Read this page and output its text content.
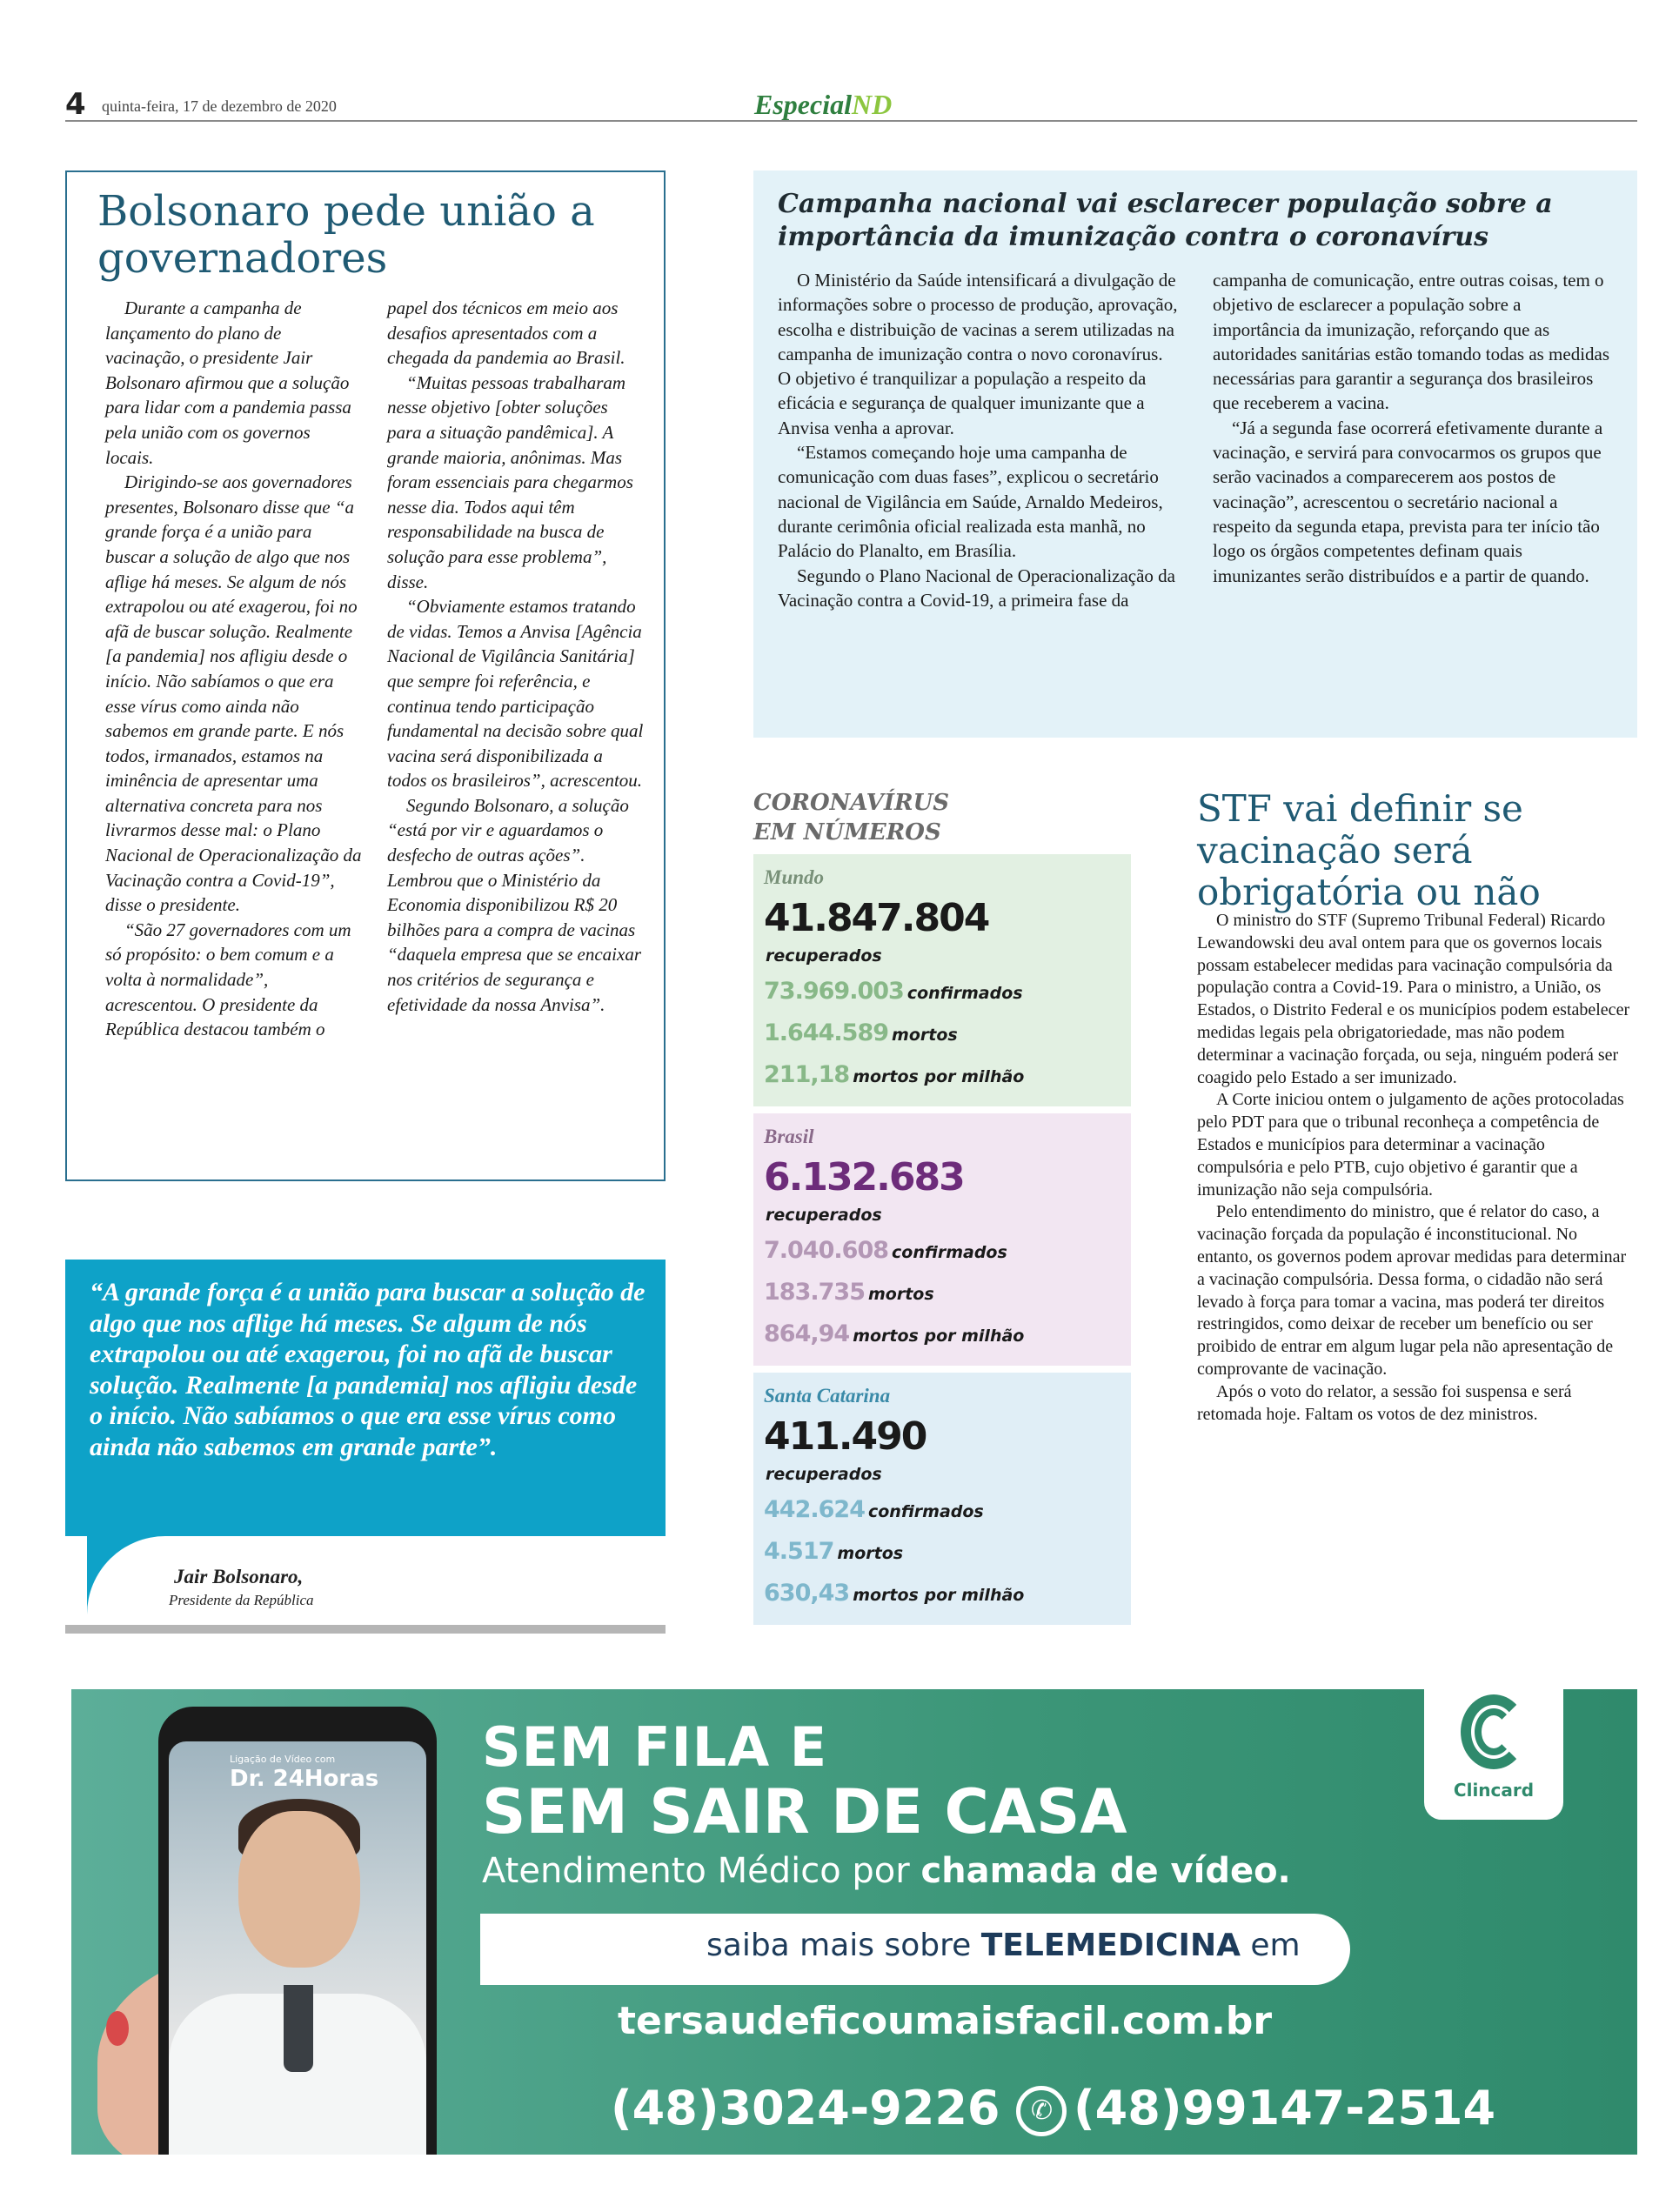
4 quinta-feira, 17 de dezembro de 2020	EspecialND
Bolsonaro pede união a governadores

Durante a campanha de lançamento do plano de vacinação, o presidente Jair Bolsonaro afirmou que a solução para lidar com a pandemia passa pela união com os governos locais.

Dirigindo-se aos governadores presentes, Bolsonaro disse que “a grande força é a união para buscar a solução de algo que nos aflige há meses. Se algum de nós extrapolou ou até exagerou, foi no afã de buscar solução. Realmente [a pandemia] nos afligiu desde o início. Não sabíamos o que era esse vírus como ainda não sabemos em grande parte. E nós todos, irmanados, estamos na iminência de apresentar uma alternativa concreta para nos livrarmos desse mal: o Plano Nacional de Operacionalização da Vacinação contra a Covid-19”, disse o presidente.

“São 27 governadores com um só propósito: o bem comum e a volta à normalidade”, acrescentou. O presidente da República destacou também o papel dos técnicos em meio aos desafios apresentados com a chegada da pandemia ao Brasil.

“Muitas pessoas trabalharam nesse objetivo [obter soluções para a situação pandêmica]. A grande maioria, anônimas. Mas foram essenciais para chegarmos nesse dia. Todos aqui têm responsabilidade na busca de solução para esse problema”, disse.

“Obviamente estamos tratando de vidas. Temos a Anvisa [Agência Nacional de Vigilância Sanitária] que sempre foi referência, e continua tendo participação fundamental na decisão sobre qual vacina será disponibilizada a todos os brasileiros”, acrescentou.

Segundo Bolsonaro, a solução “está por vir e aguardamos o desfecho de outras ações”. Lembrou que o Ministério da Economia disponibilizou R$ 20 bilhões para a compra de vacinas “daquela empresa que se encaixar nos critérios de segurança e efetividade da nossa Anvisa”.

“A grande força é a união para buscar a solução de algo que nos aflige há meses. Se algum de nós extrapolou ou até exagerou, foi no afã de buscar solução. Realmente [a pandemia] nos afligiu desde o início. Não sabíamos o que era esse vírus como ainda não sabemos em grande parte”.
Jair Bolsonaro,
Presidente da República
Campanha nacional vai esclarecer população sobre a importância da imunização contra o coronavírus

O Ministério da Saúde intensificará a divulgação de informações sobre o processo de produção, aprovação, escolha e distribuição de vacinas a serem utilizadas na campanha de imunização contra o novo coronavírus. O objetivo é tranquilizar a população a respeito da eficácia e segurança de qualquer imunizante que a Anvisa venha a aprovar.

“Estamos começando hoje uma campanha de comunicação com duas fases”, explicou o secretário nacional de Vigilância em Saúde, Arnaldo Medeiros, durante cerimônia oficial realizada esta manhã, no Palácio do Planalto, em Brasília.

Segundo o Plano Nacional de Operacionalização da Vacinação contra a Covid-19, a primeira fase da campanha de comunicação, entre outras coisas, tem o objetivo de esclarecer a população sobre a importância da imunização, reforçando que as autoridades sanitárias estão tomando todas as medidas necessárias para garantir a segurança dos brasileiros que receberem a vacina.

“Já a segunda fase ocorrerá efetivamente durante a vacinação, e servirá para convocarmos os grupos que serão vacinados a comparecerem aos postos de vacinação”, acrescentou o secretário nacional a respeito da segunda etapa, prevista para ter início tão logo os órgãos competentes definam quais imunizantes serão distribuídos e a partir de quando.

CORONAVÍRUS
EM NÚMEROS
Mundo
41.847.804
recuperados
73.969.003 confirmados
1.644.589 mortos
211,18 mortos por milhão
Brasil
6.132.683
recuperados
7.040.608 confirmados
183.735 mortos
864,94 mortos por milhão
Santa Catarina
411.490
recuperados
442.624 confirmados
4.517 mortos
630,43 mortos por milhão
STF vai definir se vacinação será obrigatória ou não

O ministro do STF (Supremo Tribunal Federal) Ricardo Lewandowski deu aval ontem para que os governos locais possam estabelecer medidas para vacinação compulsória da população contra a Covid-19. Para o ministro, a União, os Estados, o Distrito Federal e os municípios podem estabelecer medidas legais pela obrigatoriedade, mas não podem determinar a vacinação forçada, ou seja, ninguém poderá ser coagido pelo Estado a ser imunizado.

A Corte iniciou ontem o julgamento de ações protocoladas pelo PDT para que o tribunal reconheça a competência de Estados e municípios para determinar a vacinação compulsória e pelo PTB, cujo objetivo é garantir que a imunização não seja compulsória.

Pelo entendimento do ministro, que é relator do caso, a vacinação forçada da população é inconstitucional. No entanto, os governos podem aprovar medidas para determinar a vacinação compulsória. Dessa forma, o cidadão não será levado à força para tomar a vacina, mas poderá ter direitos restringidos, como deixar de receber um benefício ou ser proibido de entrar em algum lugar pela não apresentação de comprovante de vacinação.

Após o voto do relator, a sessão foi suspensa e será retomada hoje. Faltam os votos de dez ministros.

Ligação de Vídeo com
Dr. 24Horas SEM FILA E
SEM SAIR DE CASA
Atendimento Médico por chamada de vídeo.
saiba mais sobre TELEMEDICINA em
tersaudeficoumaisfacil.com.br
(48)3024-9226 ✆ (48)99147-2514
Clincard
